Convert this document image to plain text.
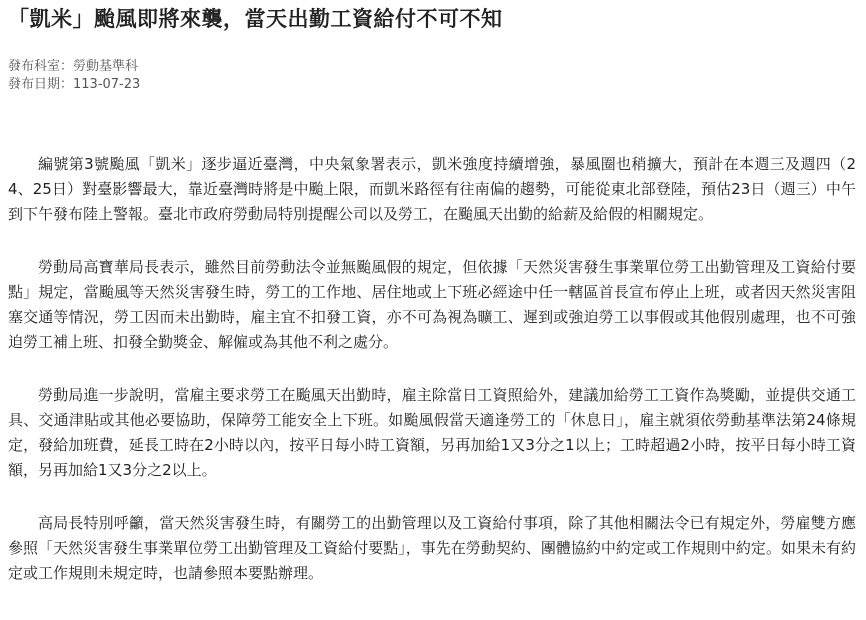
「凱米」颱風即將來襲，當天出勤工資給付不可不知
發布科室：勞動基準科
發布日期：113-07-23

編號第3號颱風「凱米」逐步逼近臺灣，中央氣象署表示，凱米強度持續增強，暴風圈也稍擴大，預計在本週三及週四（24、25日）對臺影響最大，靠近臺灣時將是中颱上限，而凱米路徑有往南偏的趨勢，可能從東北部登陸，預估23日（週三）中午到下午發布陸上警報。臺北市政府勞動局特別提醒公司以及勞工，在颱風天出勤的給薪及給假的相關規定。

勞動局高寶華局長表示，雖然目前勞動法令並無颱風假的規定，但依據「天然災害發生事業單位勞工出勤管理及工資給付要點」規定，當颱風等天然災害發生時，勞工的工作地、居住地或上下班必經途中任一轄區首長宣布停止上班，或者因天然災害阻塞交通等情況，勞工因而未出勤時，雇主宜不扣發工資，亦不可為視為曠工、遲到或強迫勞工以事假或其他假別處理，也不可強迫勞工補上班、扣發全勤獎金、解僱或為其他不利之處分。

勞動局進一步說明，當雇主要求勞工在颱風天出勤時，雇主除當日工資照給外，建議加給勞工工資作為獎勵，並提供交通工具、交通津貼或其他必要協助，保障勞工能安全上下班。如颱風假當天適逢勞工的「休息日」，雇主就須依勞動基準法第24條規定，發給加班費，延長工時在2小時以內，按平日每小時工資額，另再加給1又3分之1以上；工時超過2小時，按平日每小時工資額，另再加給1又3分之2以上。

高局長特別呼籲，當天然災害發生時，有關勞工的出勤管理以及工資給付事項，除了其他相關法令已有規定外，勞雇雙方應參照「天然災害發生事業單位勞工出勤管理及工資給付要點」，事先在勞動契約、團體協約中約定或工作規則中約定。如果未有約定或工作規則未規定時，也請參照本要點辦理。
